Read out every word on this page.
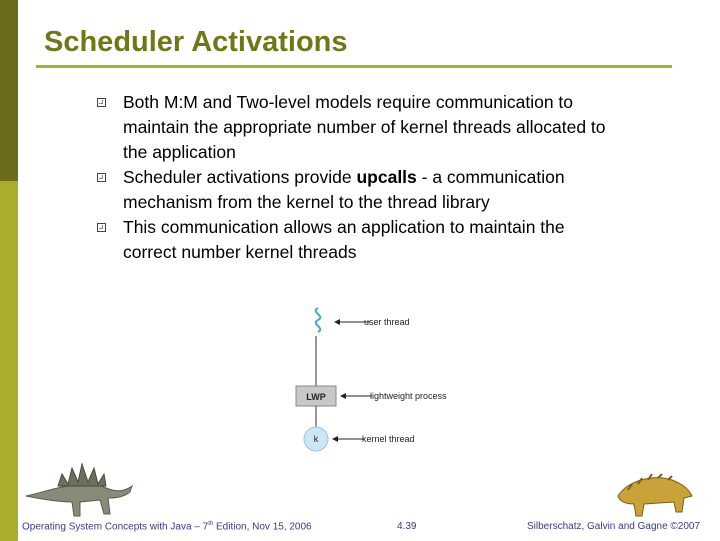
Scheduler Activations
Both M:M and Two-level models require communication to maintain the appropriate number of kernel threads allocated to the application
Scheduler activations provide upcalls - a communication mechanism from the kernel to the thread library
This communication allows an application to maintain the correct number kernel threads
LWP
k
user thread
lightweight process
kernel thread
Operating System Concepts with Java – 7th Edition, Nov 15, 2006	4.39	Silberschatz, Galvin and Gagne ©2007
